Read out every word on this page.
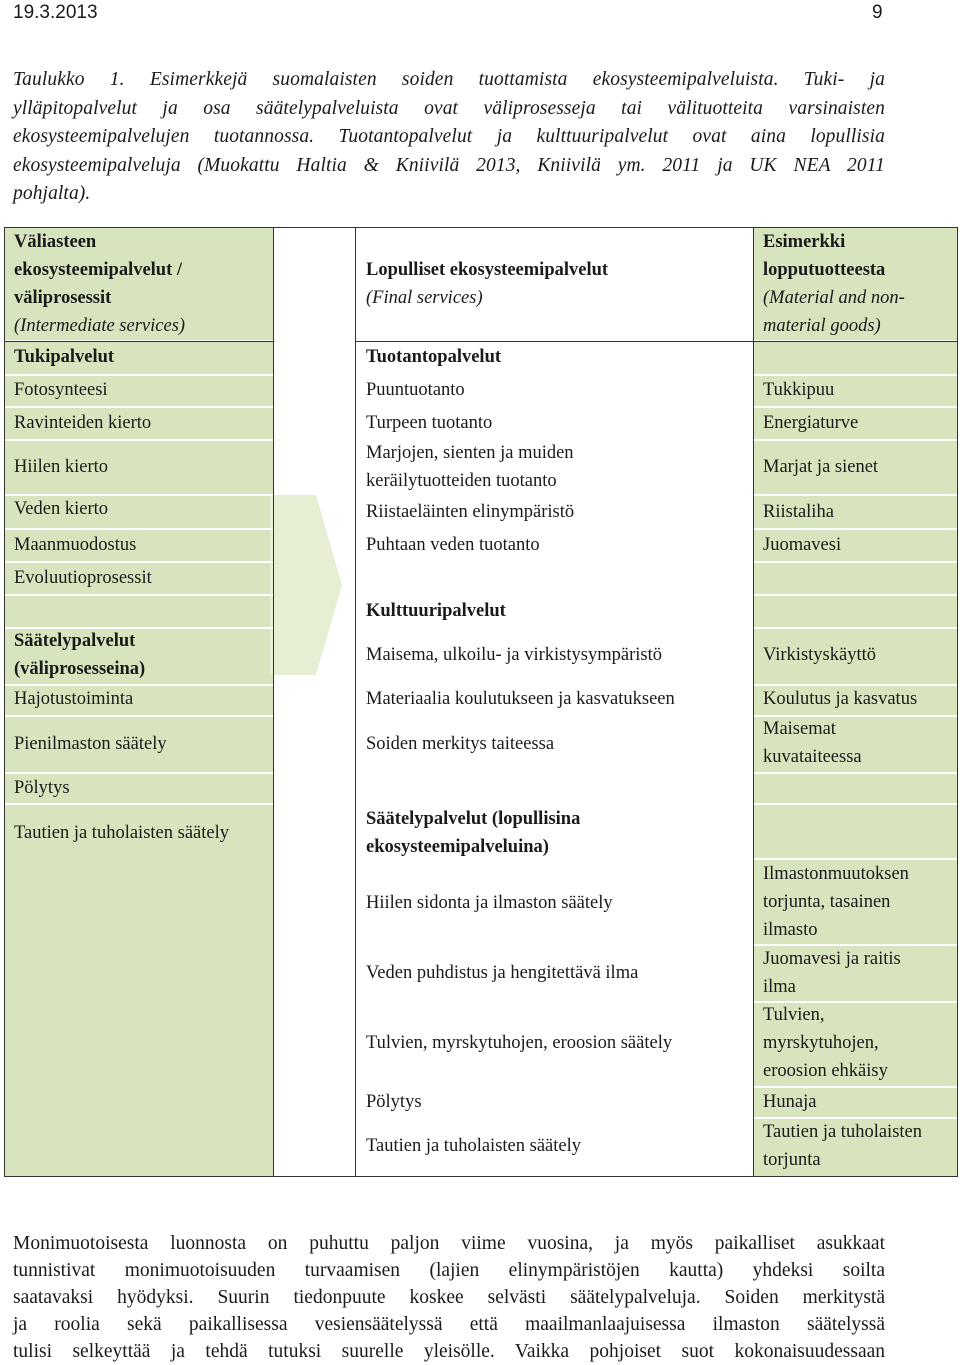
19.3.2013	9
Taulukko 1. Esimerkkejä suomalaisten soiden tuottamista ekosysteemipalveluista. Tuki- ja
ylläpitopalvelut ja osa säätelypalveluista ovat väliprosesseja tai välituotteita varsinaisten
ekosysteemipalvelujen tuotannossa. Tuotantopalvelut ja kulttuuripalvelut ovat aina lopullisia
ekosysteemipalveluja (Muokattu Haltia & Kniivilä 2013, Kniivilä ym. 2011 ja UK NEA 2011
pohjalta).
Väliasteen
ekosysteemipalvelut /
väliprosessit
(Intermediate services)
Lopulliset ekosysteemipalvelut
(Final services)
Esimerkki
lopputuotteesta
(Material and non-
material goods)
Tukipalvelut
Fotosynteesi
Ravinteiden kierto
Hiilen kierto
Veden kierto
Maanmuodostus
Evoluutioprosessit
Säätelypalvelut
(väliprosesseina)
Hajotustoiminta
Pienilmaston säätely
Pölytys
Tautien ja tuholaisten säätely
Tuotantopalvelut
Puuntuotanto
Turpeen tuotanto
Marjojen, sienten ja muiden
keräilytuotteiden tuotanto
Riistaeläinten elinympäristö
Puhtaan veden tuotanto
Kulttuuripalvelut
Maisema, ulkoilu- ja virkistysympäristö
Materiaalia koulutukseen ja kasvatukseen
Soiden merkitys taiteessa
Säätelypalvelut (lopullisina
ekosysteemipalveluina)
Hiilen sidonta ja ilmaston säätely
Veden puhdistus ja hengitettävä ilma
Tulvien, myrskytuhojen, eroosion säätely
Pölytys
Tautien ja tuholaisten säätely
Tukkipuu
Energiaturve
Marjat ja sienet
Riistaliha
Juomavesi
Virkistyskäyttö
Koulutus ja kasvatus
Maisemat
kuvataiteessa
Ilmastonmuutoksen
torjunta, tasainen
ilmasto
Juomavesi ja raitis
ilma
Tulvien,
myrskytuhojen,
eroosion ehkäisy
Hunaja
Tautien ja tuholaisten
torjunta
Monimuotoisesta luonnosta on puhuttu paljon viime vuosina, ja myös paikalliset asukkaat
tunnistivat monimuotoisuuden turvaamisen (lajien elinympäristöjen kautta) yhdeksi soilta
saatavaksi hyödyksi. Suurin tiedonpuute koskee selvästi säätelypalveluja. Soiden merkitystä
ja roolia sekä paikallisessa vesiensäätelyssä että maailmanlaajuisessa ilmaston säätelyssä
tulisi selkeyttää ja tehdä tutuksi suurelle yleisölle. Vaikka pohjoiset suot kokonaisuudessaan
